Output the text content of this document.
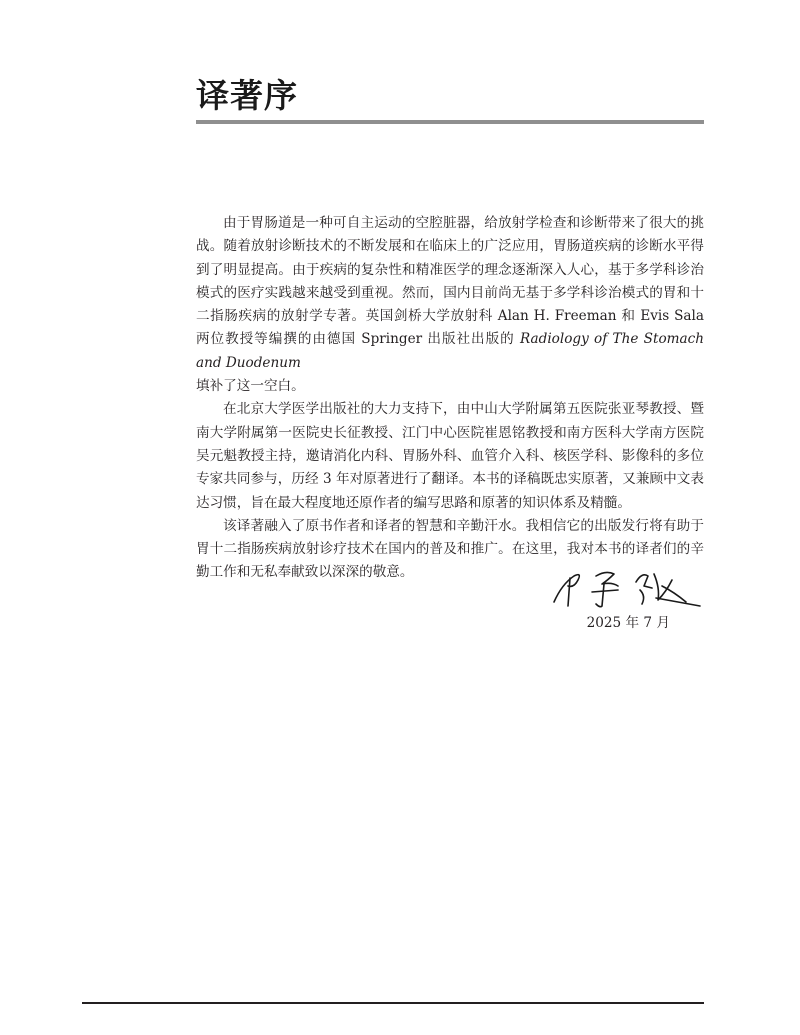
译著序

由于胃肠道是一种可自主运动的空腔脏器，给放射学检查和诊断带来了很大的挑战。随着放射诊断技术的不断发展和在临床上的广泛应用，胃肠道疾病的诊断水平得到了明显提高。由于疾病的复杂性和精准医学的理念逐渐深入人心，基于多学科诊治模式的医疗实践越来越受到重视。然而，国内目前尚无基于多学科诊治模式的胃和十二指肠疾病的放射学专著。英国剑桥大学放射科 Alan H. Freeman 和 Evis Sala 两位教授等编撰的由德国 Springer 出版社出版的 Radiology of The Stomach and Duodenum

填补了这一空白。

在北京大学医学出版社的大力支持下，由中山大学附属第五医院张亚琴教授、暨南大学附属第一医院史长征教授、江门中心医院崔恩铭教授和南方医科大学南方医院吴元魁教授主持，邀请消化内科、胃肠外科、血管介入科、核医学科、影像科的多位专家共同参与，历经 3 年对原著进行了翻译。本书的译稿既忠实原著，又兼顾中文表达习惯，旨在最大程度地还原作者的编写思路和原著的知识体系及精髓。

该译著融入了原书作者和译者的智慧和辛勤汗水。我相信它的出版发行将有助于胃十二指肠疾病放射诊疗技术在国内的普及和推广。在这里，我对本书的译者们的辛勤工作和无私奉献致以深深的敬意。

2025 年 7 月
